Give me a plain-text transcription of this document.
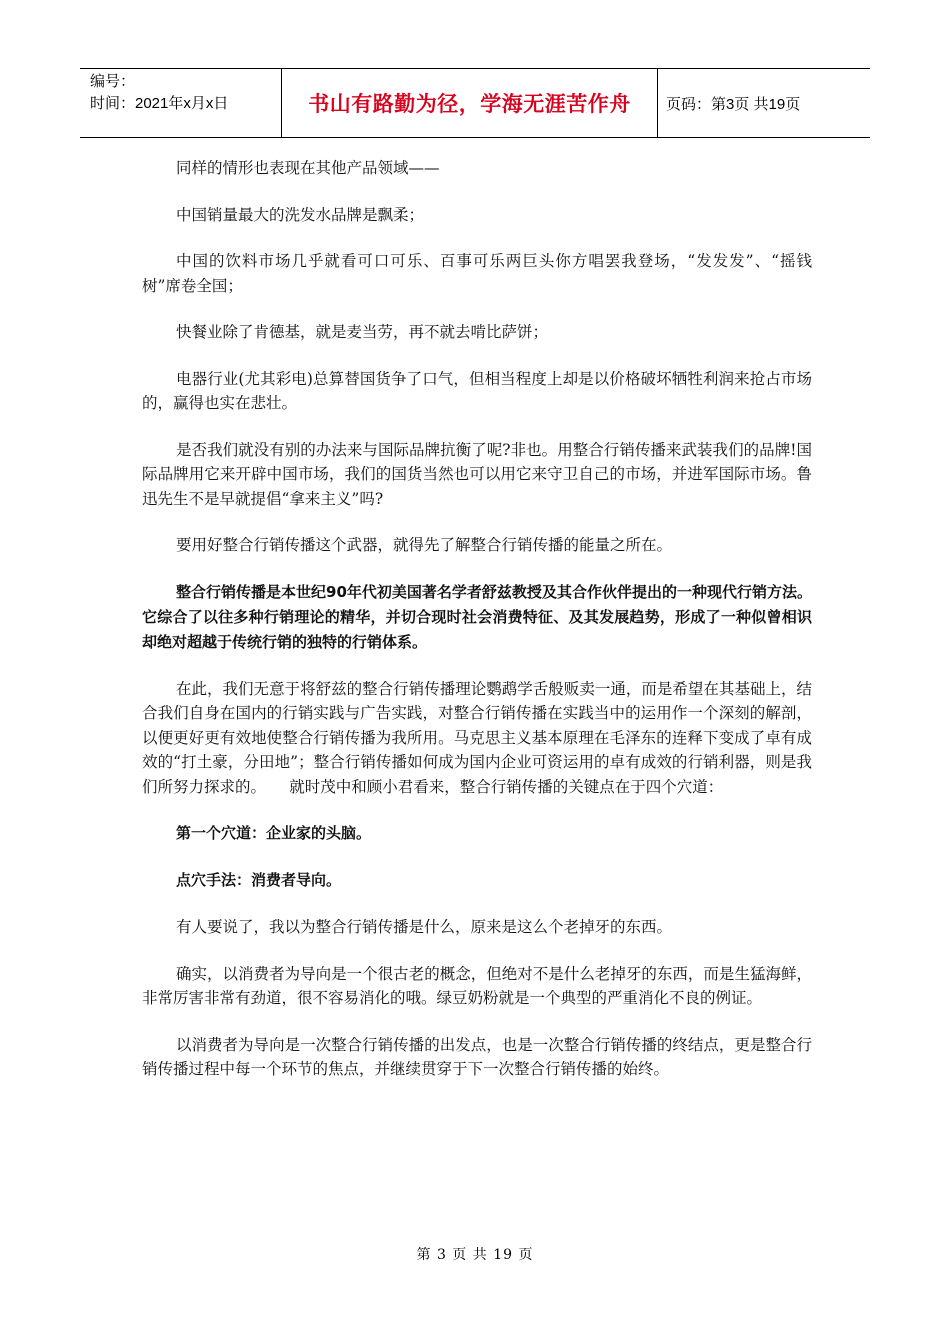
编号：
时间：2021年x月x日	书山有路勤为径，学海无涯苦作舟	页码：第3页 共19页

同样的情形也表现在其他产品领域——

中国销量最大的洗发水品牌是飘柔；

中国的饮料市场几乎就看可口可乐、百事可乐两巨头你方唱罢我登场，“发发发”、“摇钱树”席卷全国；

快餐业除了肯德基，就是麦当劳，再不就去啃比萨饼；

电器行业(尤其彩电)总算替国货争了口气，但相当程度上却是以价格破坏牺牲利润来抢占市场的，赢得也实在悲壮。

是否我们就没有别的办法来与国际品牌抗衡了呢?非也。用整合行销传播来武装我们的品牌!国际品牌用它来开辟中国市场，我们的国货当然也可以用它来守卫自己的市场，并进军国际市场。鲁迅先生不是早就提倡“拿来主义”吗?

要用好整合行销传播这个武器，就得先了解整合行销传播的能量之所在。

整合行销传播是本世纪90年代初美国著名学者舒兹教授及其合作伙伴提出的一种现代行销方法。它综合了以往多种行销理论的精华，并切合现时社会消费特征、及其发展趋势，形成了一种似曾相识却绝对超越于传统行销的独特的行销体系。

在此，我们无意于将舒兹的整合行销传播理论鹦鹉学舌般贩卖一通，而是希望在其基础上，结合我们自身在国内的行销实践与广告实践，对整合行销传播在实践当中的运用作一个深刻的解剖，以便更好更有效地使整合行销传播为我所用。马克思主义基本原理在毛泽东的连释下变成了卓有成效的“打土豪，分田地”；整合行销传播如何成为国内企业可资运用的卓有成效的行销利器，则是我们所努力探求的。　　就时茂中和顾小君看来，整合行销传播的关键点在于四个穴道：

第一个穴道：企业家的头脑。

点穴手法：消费者导向。

有人要说了，我以为整合行销传播是什么，原来是这么个老掉牙的东西。

确实，以消费者为导向是一个很古老的概念，但绝对不是什么老掉牙的东西，而是生猛海鲜，非常厉害非常有劲道，很不容易消化的哦。绿豆奶粉就是一个典型的严重消化不良的例证。

以消费者为导向是一次整合行销传播的出发点，也是一次整合行销传播的终结点，更是整合行销传播过程中每一个环节的焦点，并继续贯穿于下一次整合行销传播的始终。

第 3 页 共 19 页
